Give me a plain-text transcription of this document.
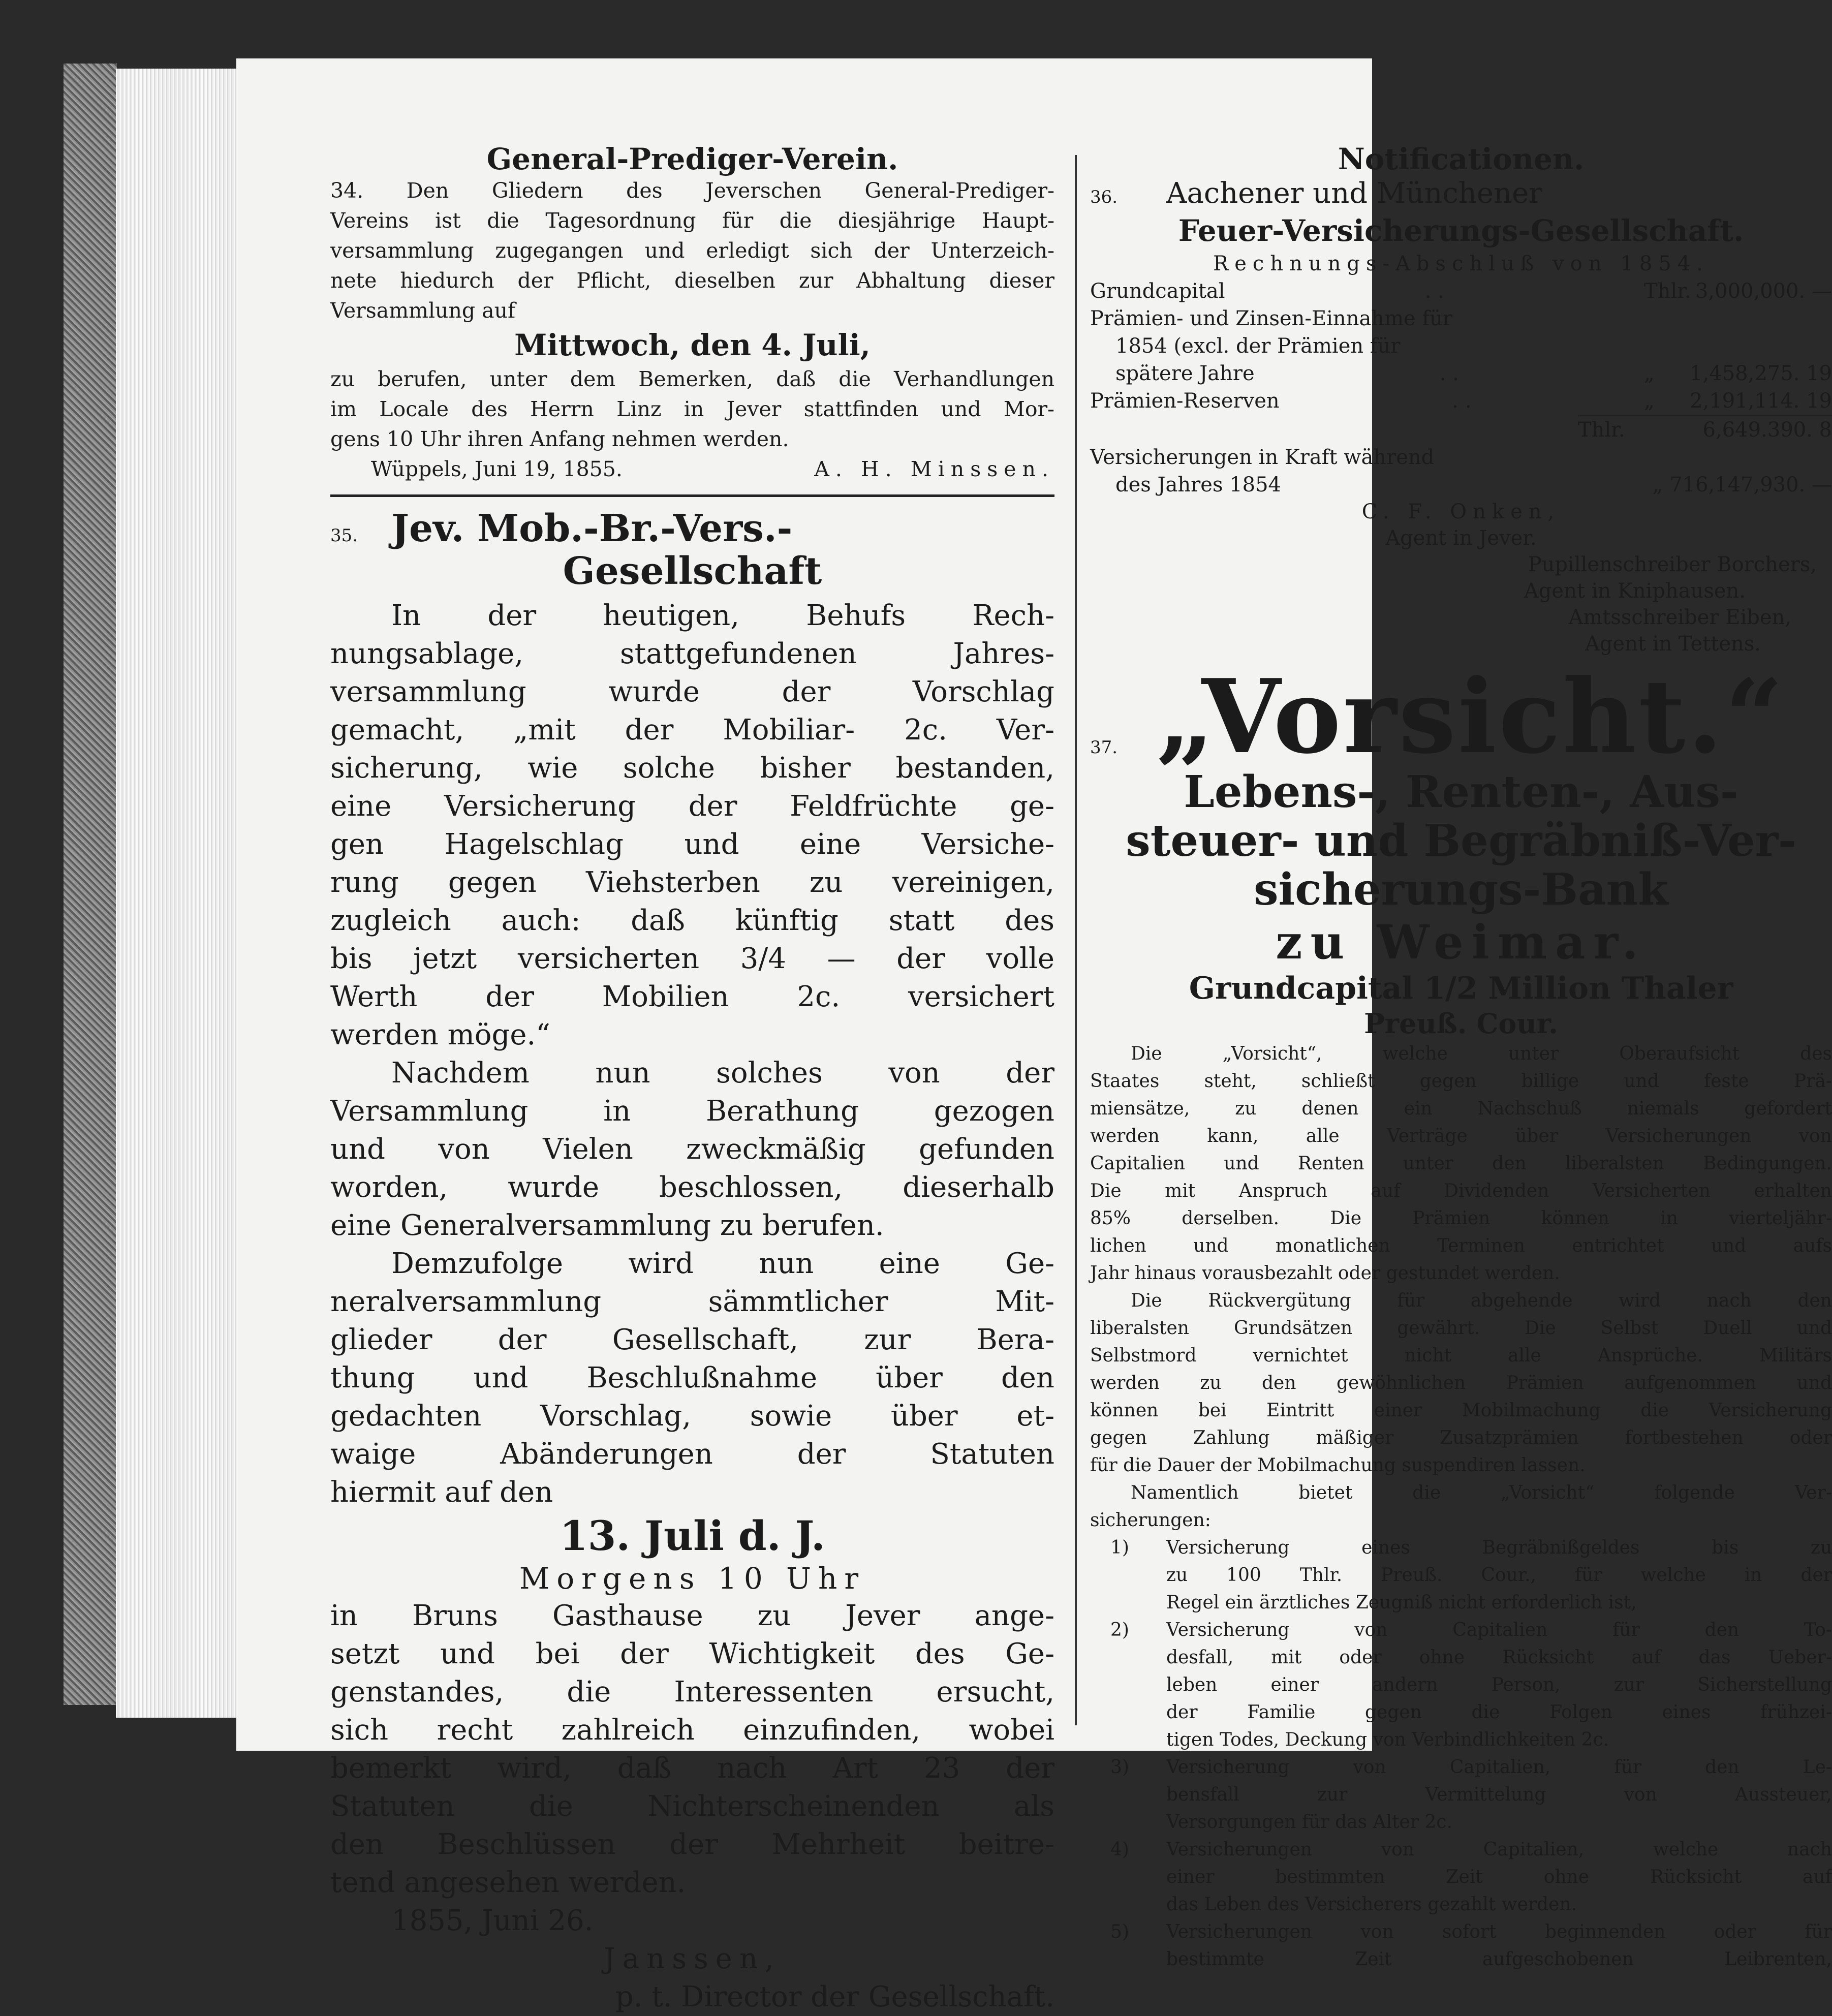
General-Prediger-Verein.

34. Den Gliedern des Jeverschen General-Prediger-

Vereins ist die Tagesordnung für die diesjährige Haupt-

versammlung zugegangen und erledigt sich der Unterzeich-

nete hiedurch der Pflicht, dieselben zur Abhaltung dieser

Versammlung auf

Mittwoch, den 4. Juli,

zu berufen, unter dem Bemerken, daß die Verhandlungen

im Locale des Herrn Linz in Jever stattfinden und Mor-

gens 10 Uhr ihren Anfang nehmen werden.

Wüppels, Juni 19, 1855.	A. H. Minssen.

35. Jev. Mob.-Br.-Vers.-

Gesellschaft

In der heutigen, Behufs Rech-

nungsablage, stattgefundenen Jahres-

versammlung wurde der Vorschlag

gemacht, „mit der Mobiliar- 2c. Ver-

sicherung, wie solche bisher bestanden,

eine Versicherung der Feldfrüchte ge-

gen Hagelschlag und eine Versiche-

rung gegen Viehsterben zu vereinigen,

zugleich auch: daß künftig statt des

bis jetzt versicherten 3/4 — der volle

Werth der Mobilien 2c. versichert

werden möge.“

Nachdem nun solches von der

Versammlung in Berathung gezogen

und von Vielen zweckmäßig gefunden

worden, wurde beschlossen, dieserhalb

eine Generalversammlung zu berufen.

Demzufolge wird nun eine Ge-

neralversammlung sämmtlicher Mit-

glieder der Gesellschaft, zur Bera-

thung und Beschlußnahme über den

gedachten Vorschlag, sowie über et-

waige Abänderungen der Statuten

hiermit auf den

13. Juli d. J.

Morgens 10 Uhr

in Bruns Gasthause zu Jever ange-

setzt und bei der Wichtigkeit des Ge-

genstandes, die Interessenten ersucht,

sich recht zahlreich einzufinden, wobei

bemerkt wird, daß nach Art 23 der

Statuten die Nichterscheinenden als

den Beschlüssen der Mehrheit beitre-

tend angesehen werden.

1855, Juni 26.

Janssen,

p. t. Director der Gesellschaft.

Notificationen.

36.	Aachener und Münchener

Feuer-Versicherungs-Gesellschaft.

Rechnungs-Abschluß von 1854.

Grundcapital	. .	Thlr. 3,000,000. —
Prämien- und Zinsen-Einnahme für
1854 (excl. der Prämien für
spätere Jahre	. .	„	1,458,275. 19
Prämien-Reserven	. .	„	2,191,114. 19
Thlr.	6,649.390. 8
Versicherungen in Kraft während
des Jahres 1854	„ 716,147,930. —

C. F. Onken,

Agent in Jever.

Pupillenschreiber Borchers,

Agent in Kniphausen.

Amtsschreiber Eiben,

Agent in Tettens.

37. „Vorsicht.“

Lebens-, Renten-, Aus-

steuer- und Begräbniß-Ver-

sicherungs-Bank

zu Weimar.

Grundcapital 1/2 Million Thaler

Preuß. Cour.

Die „Vorsicht“, welche unter Oberaufsicht des

Staates steht, schließt gegen billige und feste Prä-

miensätze, zu denen ein Nachschuß niemals gefordert

werden kann, alle Verträge über Versicherungen von

Capitalien und Renten unter den liberalsten Bedingungen.

Die mit Anspruch auf Dividenden Versicherten erhalten

85% derselben. Die Prämien können in vierteljähr-

lichen und monatlichen Terminen entrichtet und aufs

Jahr hinaus vorausbezahlt oder gestundet werden.

Die Rückvergütung für abgehende wird nach den

liberalsten Grundsätzen gewährt. Die Selbst Duell und

Selbstmord vernichtet nicht alle Ansprüche. Militärs

werden zu den gewöhnlichen Prämien aufgenommen und

können bei Eintritt einer Mobilmachung die Versicherung

gegen Zahlung mäßiger Zusatzprämien fortbestehen oder

für die Dauer der Mobilmachung suspendiren lassen.

Namentlich bietet die „Vorsicht“ folgende Ver-

sicherungen:

1)	Versicherung eines Begräbnißgeldes bis zu

zu 100 Thlr. Preuß. Cour., für welche in der

Regel ein ärztliches Zeugniß nicht erforderlich ist,

2)	Versicherung von Capitalien für den To-

desfall, mit oder ohne Rücksicht auf das Ueber-

leben einer andern Person, zur Sicherstellung

der Familie gegen die Folgen eines frühzei-

tigen Todes, Deckung von Verbindlichkeiten 2c.

3)	Versicherung von Capitalien, für den Le-

bensfall zur Vermittelung von Aussteuer,

Versorgungen für das Alter 2c.

4)	Versicherungen von Capitalien, welche nach

einer bestimmten Zeit ohne Rücksicht auf

das Leben des Versicherers gezahlt werden.

5)	Versicherungen von sofort beginnenden oder für

bestimmte Zeit aufgeschobenen Leibrenten,
